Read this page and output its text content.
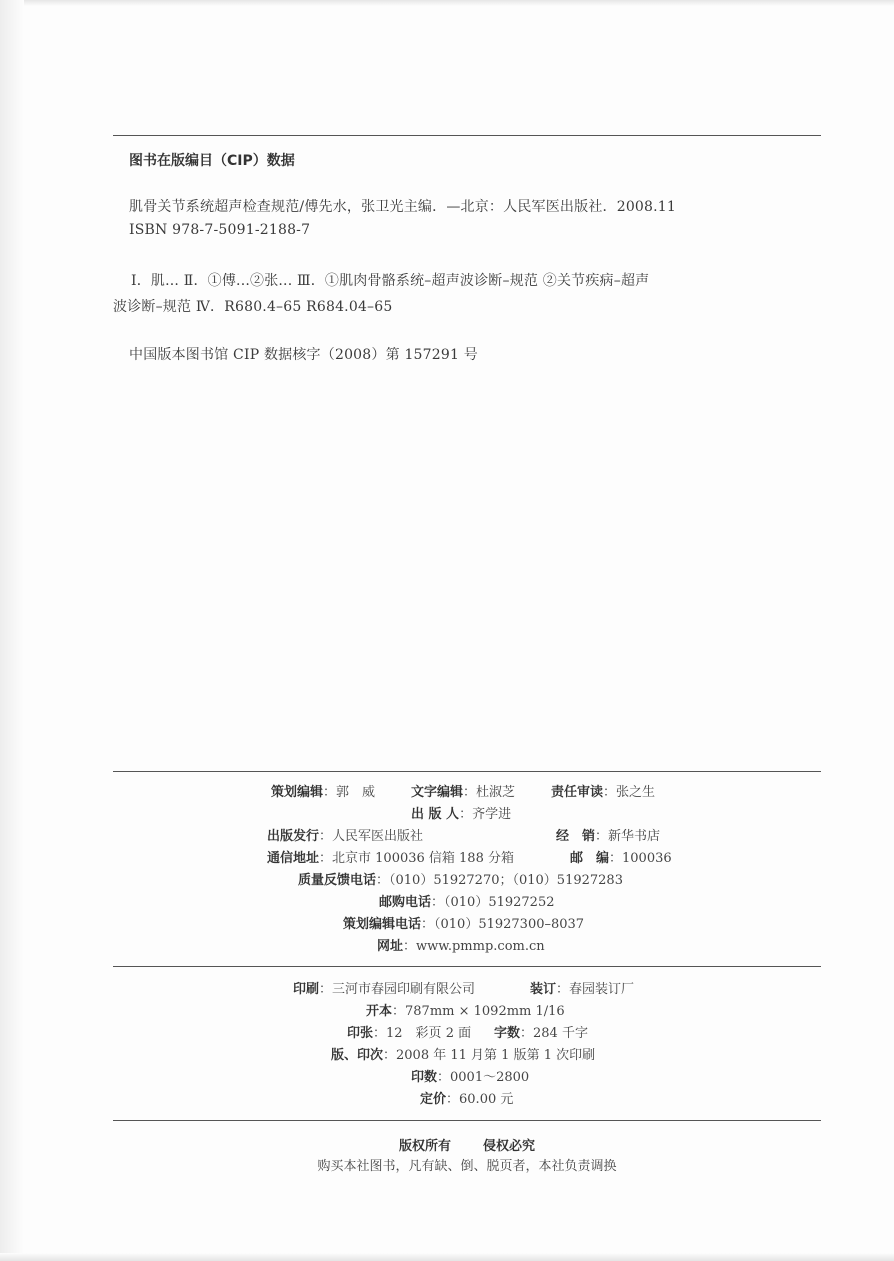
图书在版编目（CIP）数据
肌骨关节系统超声检查规范/傅先水，张卫光主编．—北京：人民军医出版社．2008.11
ISBN 978-7-5091-2188-7
Ⅰ．肌... Ⅱ．①傅...②张... Ⅲ．①肌肉骨骼系统–超声波诊断–规范 ②关节疾病–超声
波诊断–规范 Ⅳ．R680.4–65 R684.04–65
中国版本图书馆 CIP 数据核字（2008）第 157291 号
策划编辑：郭　威	文字编辑：杜淑芝	责任审读：张之生
出 版 人：齐学进
出版发行：人民军医出版社	经　销：新华书店
通信地址：北京市 100036 信箱 188 分箱	邮　编：100036
质量反馈电话：（010）51927270；（010）51927283
邮购电话：（010）51927252
策划编辑电话：（010）51927300–8037
网址：www.pmmp.com.cn
印刷：三河市春园印刷有限公司	装订：春园装订厂
开本：787mm × 1092mm 1/16
印张：12　彩页 2 面 字数：284 千字
版、印次：2008 年 11 月第 1 版第 1 次印刷
印数：0001～2800
定价：60.00 元
版权所有　　 侵权必究
购买本社图书，凡有缺、倒、脱页者，本社负责调换
